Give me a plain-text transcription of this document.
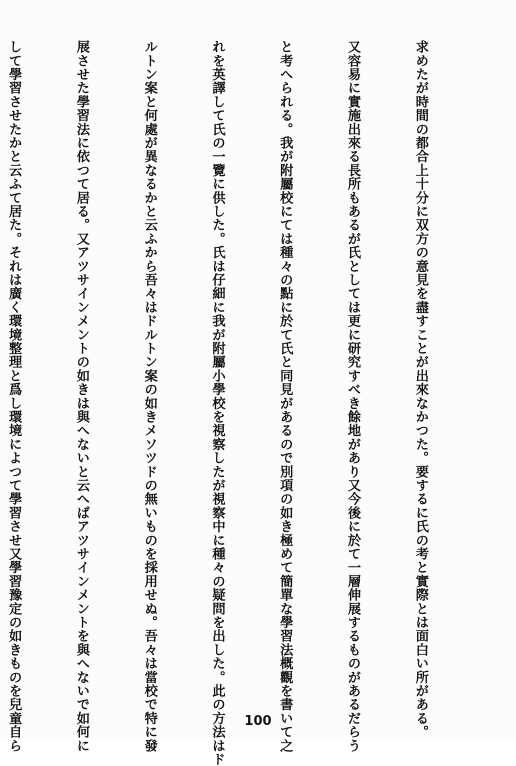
求めたが時間の都合上十分に双方の意見を盡すことが出來なかつた。要するに氏の考と實際とは面白い所がある。

又容易に實施出來る長所もあるが氏としては更に研究すべき餘地があり又今後に於て一層伸展するものがあるだらう

と考へられる。我が附屬校にては種々の點に於て氏と同見があるので別項の如き極めて簡單な學習法概觀を書いて之

れを英譯して氏の一覽に供した。氏は仔細に我が附屬小學校を視察したが視察中に種々の疑問を出した。此の方法はド

ルトン案と何處が異なるかと云ふから吾々はドルトン案の如きメソツドの無いものを採用せぬ。吾々は當校で特に發

展させた學習法に依つて居る。又アツサインメントの如きは與へないと云へばアツサインメントを與へないで如何に

して學習させたかと云ふて居た。それは廣く環境整理と爲し環境によつて學習させ又學習豫定の如きものを兒童自ら

	100
